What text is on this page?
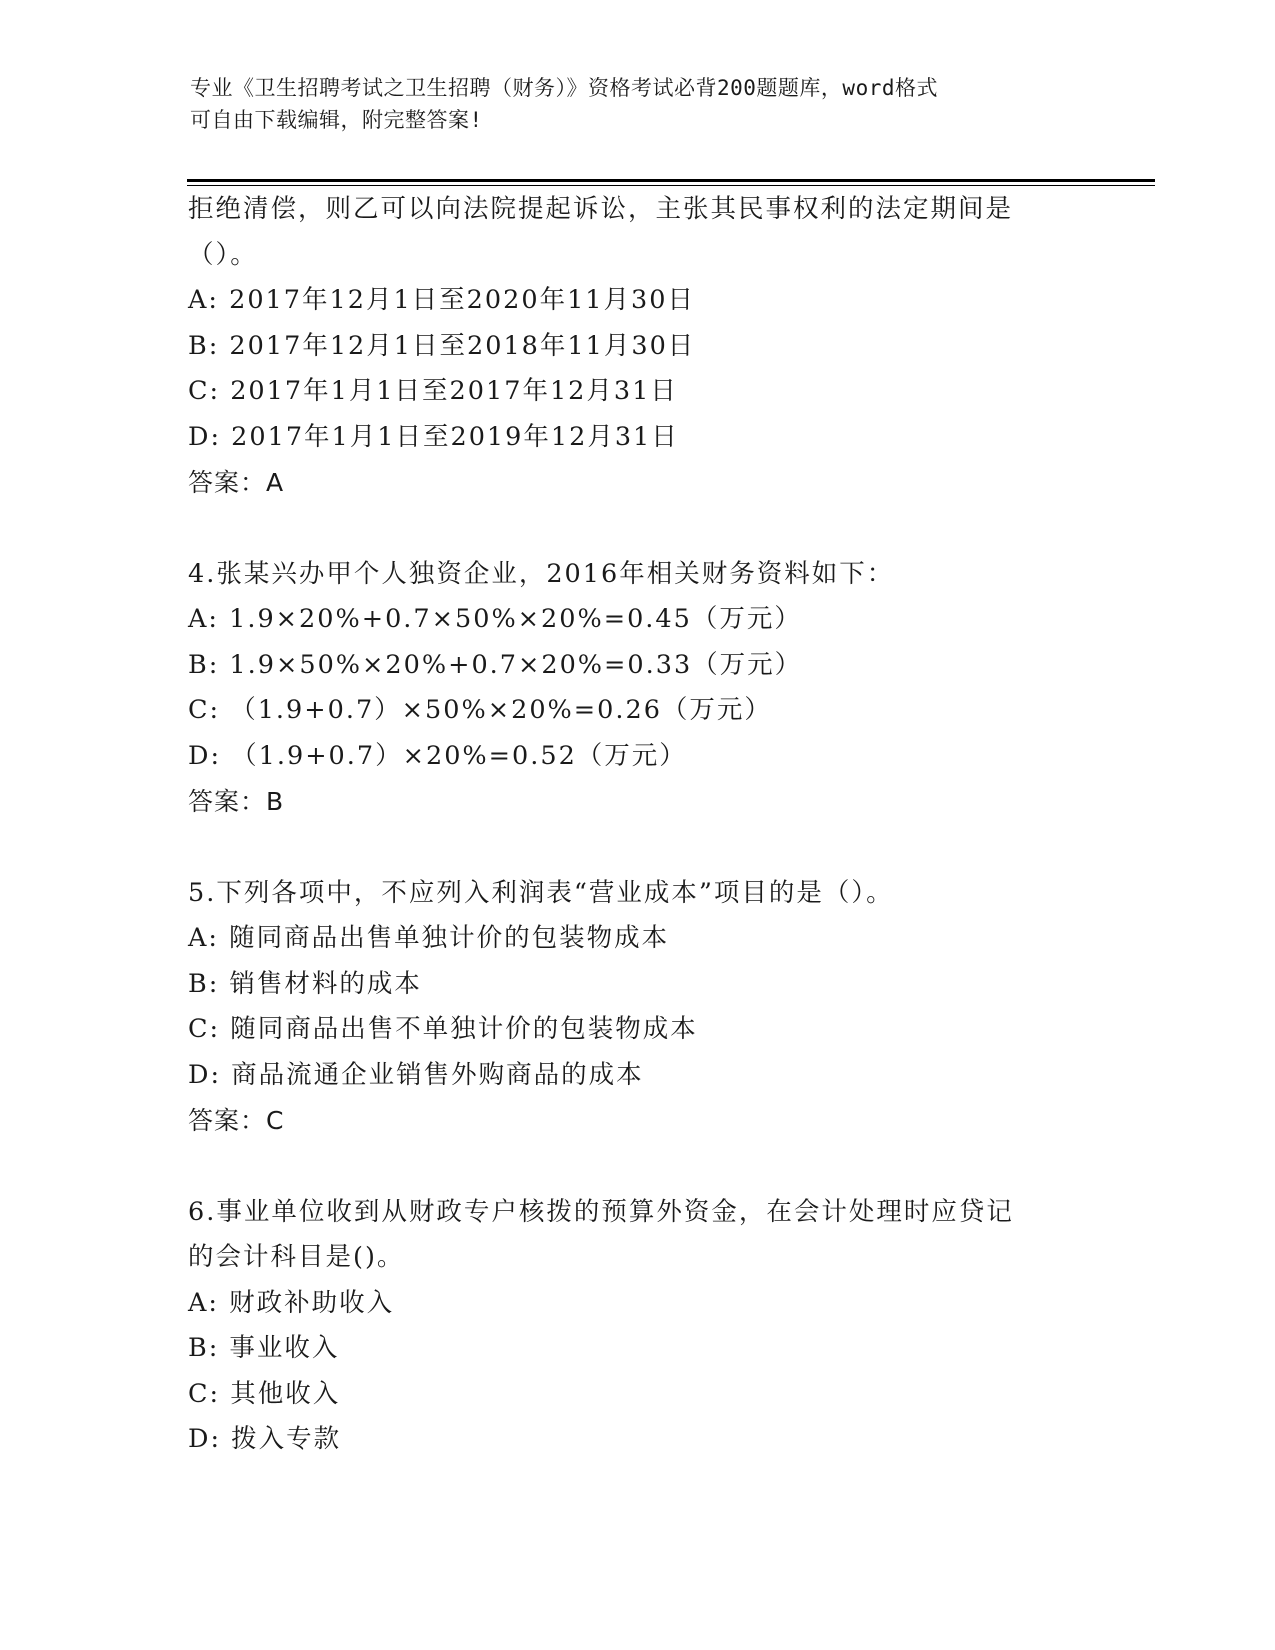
专业《卫生招聘考试之卫生招聘（财务）》资格考试必背200题题库，word格式
可自由下载编辑，附完整答案!
拒绝清偿，则乙可以向法院提起诉讼，主张其民事权利的法定期间是
（）。
A: 2017年12月1日至2020年11月30日
B: 2017年12月1日至2018年11月30日
C: 2017年1月1日至2017年12月31日
D: 2017年1月1日至2019年12月31日
答案：A
4.张某兴办甲个人独资企业，2016年相关财务资料如下：
A: 1.9×20%+0.7×50%×20%=0.45（万元）
B: 1.9×50%×20%+0.7×20%=0.33（万元）
C: （1.9+0.7）×50%×20%=0.26（万元）
D: （1.9+0.7）×20%=0.52（万元）
答案：B
5.下列各项中，不应列入利润表“营业成本”项目的是（）。
A: 随同商品出售单独计价的包装物成本
B: 销售材料的成本
C: 随同商品出售不单独计价的包装物成本
D: 商品流通企业销售外购商品的成本
答案：C
6.事业单位收到从财政专户核拨的预算外资金，在会计处理时应贷记
的会计科目是()。
A: 财政补助收入
B: 事业收入
C: 其他收入
D: 拨入专款
